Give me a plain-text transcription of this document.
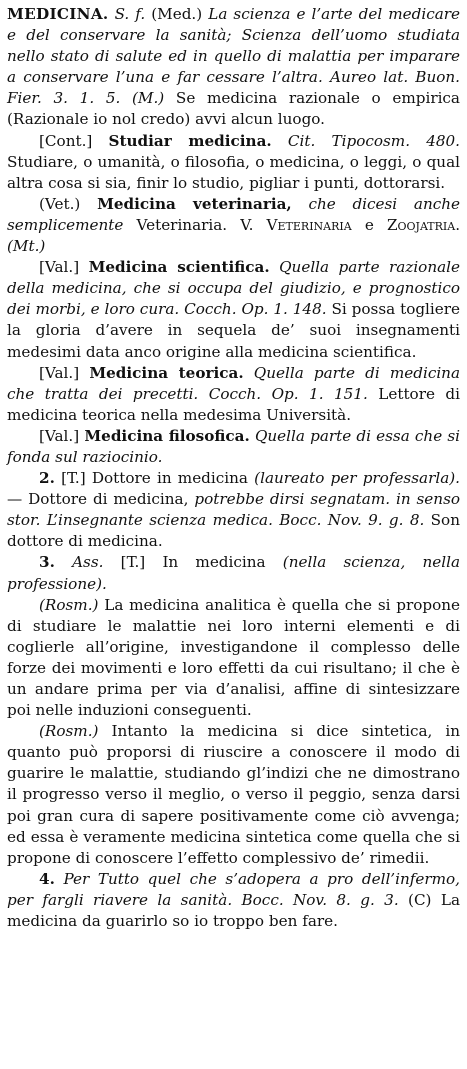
MEDICINA. S. f. (Med.) La scienza e l’arte del medicare e del conservare la sanità; Scienza dell’uomo studiata nello stato di salute ed in quello di malattia per imparare a conservare l’una e far cessare l’altra. Aureo lat. Buon. Fier. 3. 1. 5. (M.) Se medicina razionale o empirica (Razionale io nol credo) avvi alcun luogo.

[Cont.] Studiar medicina. Cit. Tipocosm. 480. Studiare, o umanità, o filosofia, o medicina, o leggi, o qual altra cosa si sia, finir lo studio, pigliar i punti, dottorarsi.

(Vet.) Medicina veterinaria, che dicesi anche semplicemente Veterinaria. V. Veterinaria e Zoojatria. (Mt.)

[Val.] Medicina scientifica. Quella parte razionale della medicina, che si occupa del giudizio, e prognostico dei morbi, e loro cura. Cocch. Op. 1. 148. Si possa togliere la gloria d’avere in sequela de’ suoi insegnamenti medesimi data anco origine alla medicina scientifica.

[Val.] Medicina teorica. Quella parte di medicina che tratta dei precetti. Cocch. Op. 1. 151. Lettore di medicina teorica nella medesima Università.

[Val.] Medicina filosofica. Quella parte di essa che si fonda sul raziocinio.

2. [T.] Dottore in medicina (laureato per professarla). — Dottore di medicina, potrebbe dirsi segnatam. in senso stor. L’insegnante scienza medica. Bocc. Nov. 9. g. 8. Son dottore di medicina.

3. Ass. [T.] In medicina (nella scienza, nella professione).

(Rosm.) La medicina analitica è quella che si propone di studiare le malattie nei loro interni elementi e di coglierle all’origine, investigandone il complesso delle forze dei movimenti e loro effetti da cui risultano; il che è un andare prima per via d’analisi, affine di sintesizzare poi nelle induzioni conseguenti.

(Rosm.) Intanto la medicina si dice sintetica, in quanto può proporsi di riuscire a conoscere il modo di guarire le malattie, studiando gl’indizi che ne dimostrano il progresso verso il meglio, o verso il peggio, senza darsi poi gran cura di sapere positivamente come ciò avvenga; ed essa è veramente medicina sintetica come quella che si propone di conoscere l’effetto complessivo de’ rimedii.

4. Per Tutto quel che s’adopera a pro dell’infermo, per fargli riavere la sanità. Bocc. Nov. 8. g. 3. (C) La medicina da guarirlo so io troppo ben fare.
